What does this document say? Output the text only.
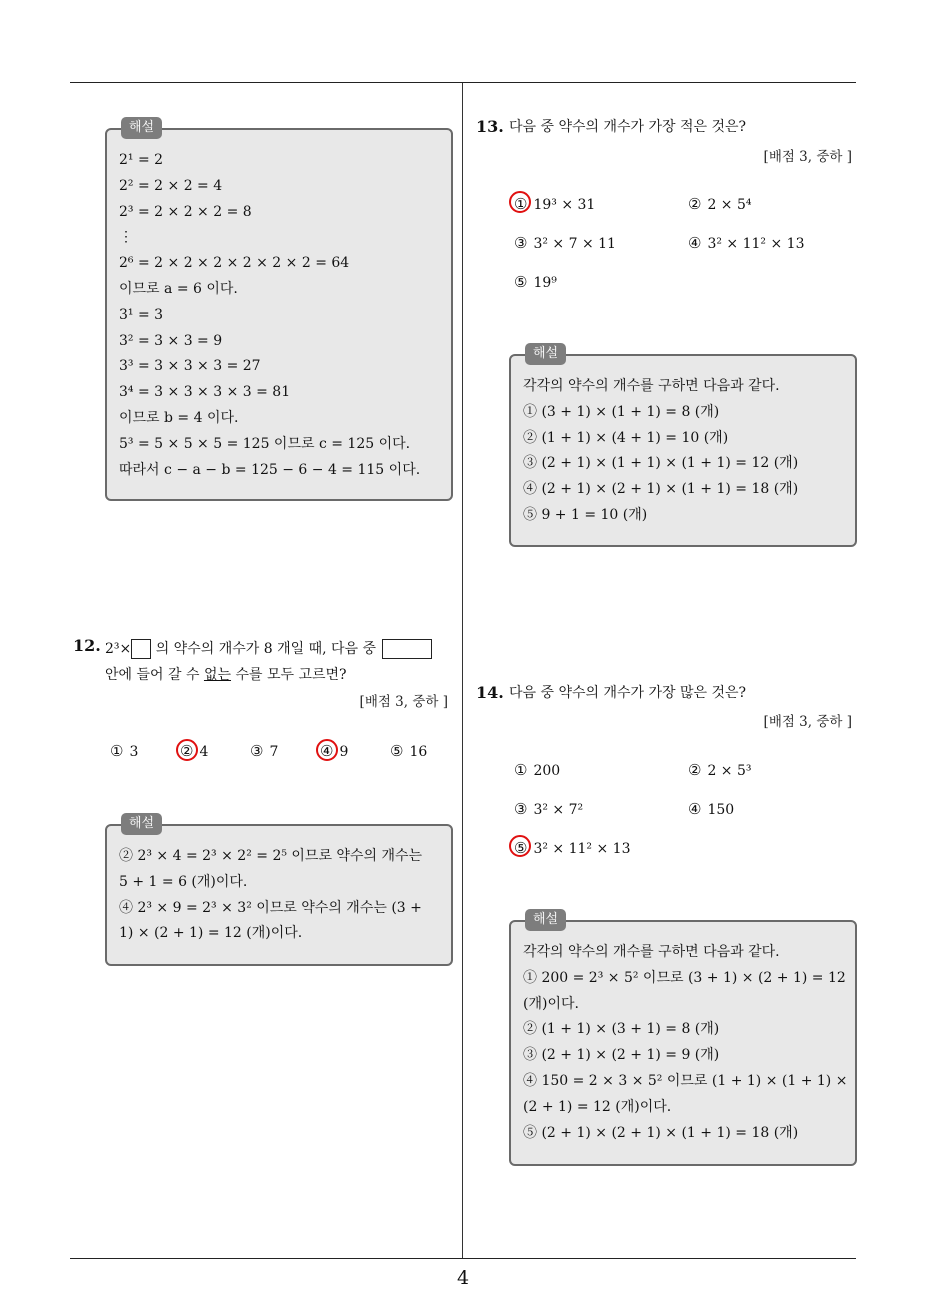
해설

2¹ = 2

2² = 2 × 2 = 4

2³ = 2 × 2 × 2 = 8

⋮

2⁶ = 2 × 2 × 2 × 2 × 2 × 2 = 64

이므로 a = 6 이다.

3¹ = 3

3² = 3 × 3 = 9

3³ = 3 × 3 × 3 = 27

3⁴ = 3 × 3 × 3 × 3 = 81

이므로 b = 4 이다.

5³ = 5 × 5 × 5 = 125 이므로 c = 125 이다.

따라서 c − a − b = 125 − 6 − 4 = 115 이다.

12. 2³× 의 약수의 개수가 8 개일 때, 다음 중
안에 들어 갈 수 없는 수를 모두 고르면?
[배점 3, 중하 ]
① 3	② 4	③ 7	④ 9	⑤ 16
해설

② 2³ × 4 = 2³ × 2² = 2⁵ 이므로 약수의 개수는

5 + 1 = 6 (개)이다.

④ 2³ × 9 = 2³ × 3² 이므로 약수의 개수는 (3 +

1) × (2 + 1) = 12 (개)이다.

13. 다음 중 약수의 개수가 가장 적은 것은?
[배점 3, 중하 ]
① 19³ × 31	② 2 × 5⁴
③ 3² × 7 × 11	④ 3² × 11² × 13
⑤ 19⁹
해설

각각의 약수의 개수를 구하면 다음과 같다.

① (3 + 1) × (1 + 1) = 8 (개)

② (1 + 1) × (4 + 1) = 10 (개)

③ (2 + 1) × (1 + 1) × (1 + 1) = 12 (개)

④ (2 + 1) × (2 + 1) × (1 + 1) = 18 (개)

⑤ 9 + 1 = 10 (개)

14. 다음 중 약수의 개수가 가장 많은 것은?
[배점 3, 중하 ]
① 200	② 2 × 5³
③ 3² × 7²	④ 150
⑤ 3² × 11² × 13
해설

각각의 약수의 개수를 구하면 다음과 같다.

① 200 = 2³ × 5² 이므로 (3 + 1) × (2 + 1) = 12

(개)이다.

② (1 + 1) × (3 + 1) = 8 (개)

③ (2 + 1) × (2 + 1) = 9 (개)

④ 150 = 2 × 3 × 5² 이므로 (1 + 1) × (1 + 1) ×

(2 + 1) = 12 (개)이다.

⑤ (2 + 1) × (2 + 1) × (1 + 1) = 18 (개)

4
